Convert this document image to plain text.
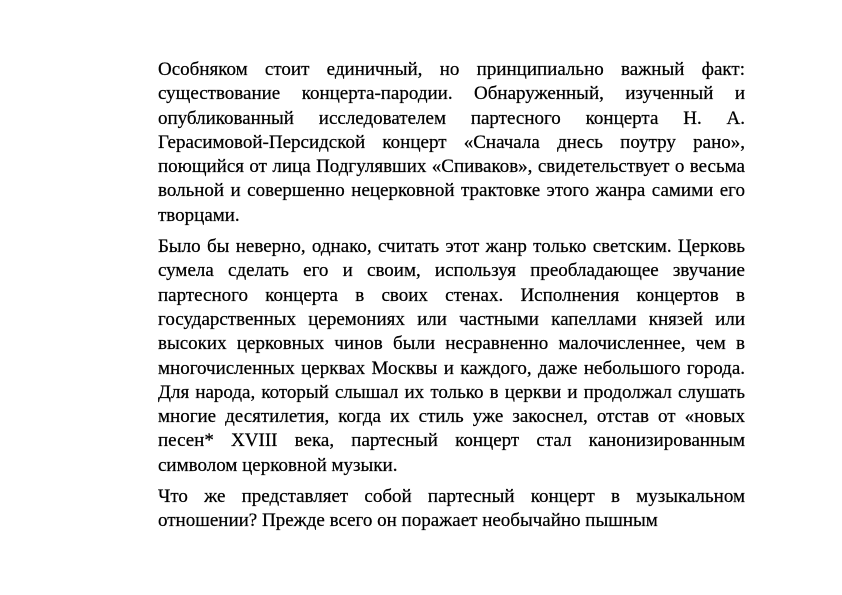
Особняком стоит единичный, но принципиально важный факт: существование концерта-пародии. Обнаруженный, изученный и опубликованный исследователем партесного концерта Н. А. Герасимовой-Персидской концерт «Сначала днесь поутру рано», поющийся от лица Подгулявших «Спиваков», свидетельствует о весьма вольной и совершенно нецерковной трактовке этого жанра самими его творцами.

Было бы неверно, однако, считать этот жанр только светским. Церковь сумела сделать его и своим, используя преобладающее звучание партесного концерта в своих стенах. Исполнения концертов в государственных церемониях или частными капеллами князей или высоких церковных чинов были несравненно малочисленнее, чем в многочисленных церквах Москвы и каждого, даже небольшого города. Для народа, который слышал их только в церкви и продолжал слушать многие десятилетия, когда их стиль уже закоснел, отстав от «новых песен* XVIII века, партесный концерт стал канонизированным символом церковной музыки.

Что же представляет собой партесный концерт в музыкальном отношении? Прежде всего он поражает необычайно пышным
